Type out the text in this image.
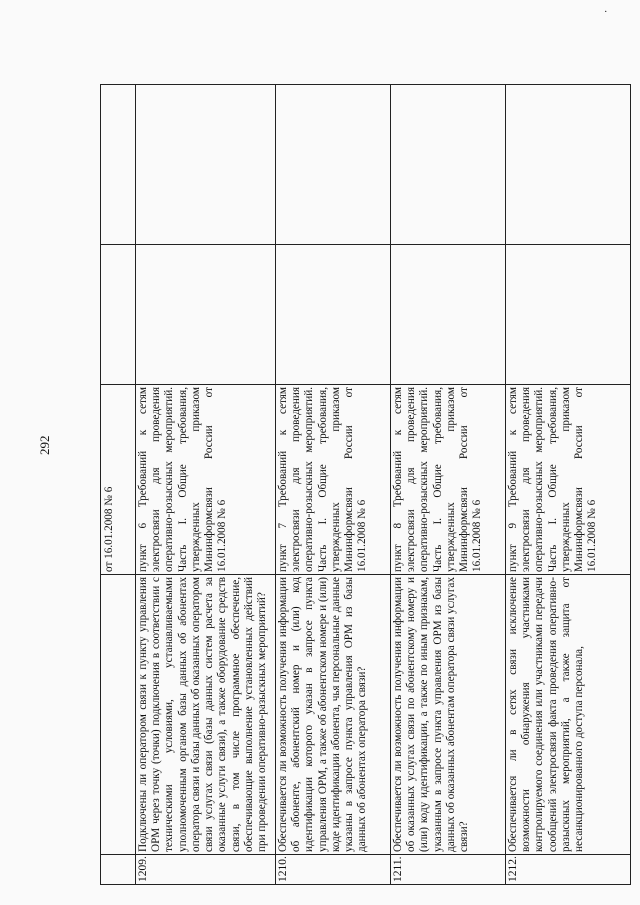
.
292

		от 16.01.2008 № 6		

1209.	Подключены ли оператором связи к пункту управления ОРМ через точку (точки) подключения в соответствии с техническими условиями, устанавливаемыми уполномоченным органом базы данных об абонентах оператора связи и базы данных об оказанных оператором связи услугах связи (базы данных систем расчета за оказанные услуги связи), а также оборудование средств связи, в том числе программное обеспечение, обеспечивающие выполнение установленных действий при проведении оперативно-разыскных мероприятий?	пункт 6 Требований к сетям электросвязи для проведения оперативно-розыскных мероприятий. Часть I. Общие требования, утвержденных приказом Мининформсвязи России от 16.01.2008 № 6		
1210.	Обеспечивается ли возможность получения информации об абоненте, абонентский номер и (или) код идентификации которого указан в запросе пункта управления ОРМ, а также об абонентском номере и (или) коде идентификации абонента, чья персональные данные указаны в запросе пункта управления ОРМ из базы данных об абонентах оператора связи?	пункт 7 Требований к сетям электросвязи для проведения оперативно-розыскных мероприятий. Часть I. Общие требования, утвержденных приказом Мининформсвязи России от 16.01.2008 № 6		
1211.	Обеспечивается ли возможность получения информации об оказанных услугах связи по абонентскому номеру и (или) коду идентификации, а также по иным признакам, указанным в запросе пункта управления ОРМ из базы данных об оказанных абонентам оператора связи услугах связи?	пункт 8 Требований к сетям электросвязи для проведения оперативно-розыскных мероприятий. Часть I. Общие требования, утвержденных приказом Мининформсвязи России от 16.01.2008 № 6		
1212.	Обеспечивается ли в сетях связи исключение возможности обнаружения участниками контролируемого соединения или участниками передачи сообщений электросвязи факта проведения оперативно-разыскных мероприятий, а также защита от несанкционированного доступа персонала,	пункт 9 Требований к сетям электросвязи для проведения оперативно-розыскных мероприятий. Часть I. Общие требования, утвержденных приказом Мининформсвязи России от 16.01.2008 № 6		
